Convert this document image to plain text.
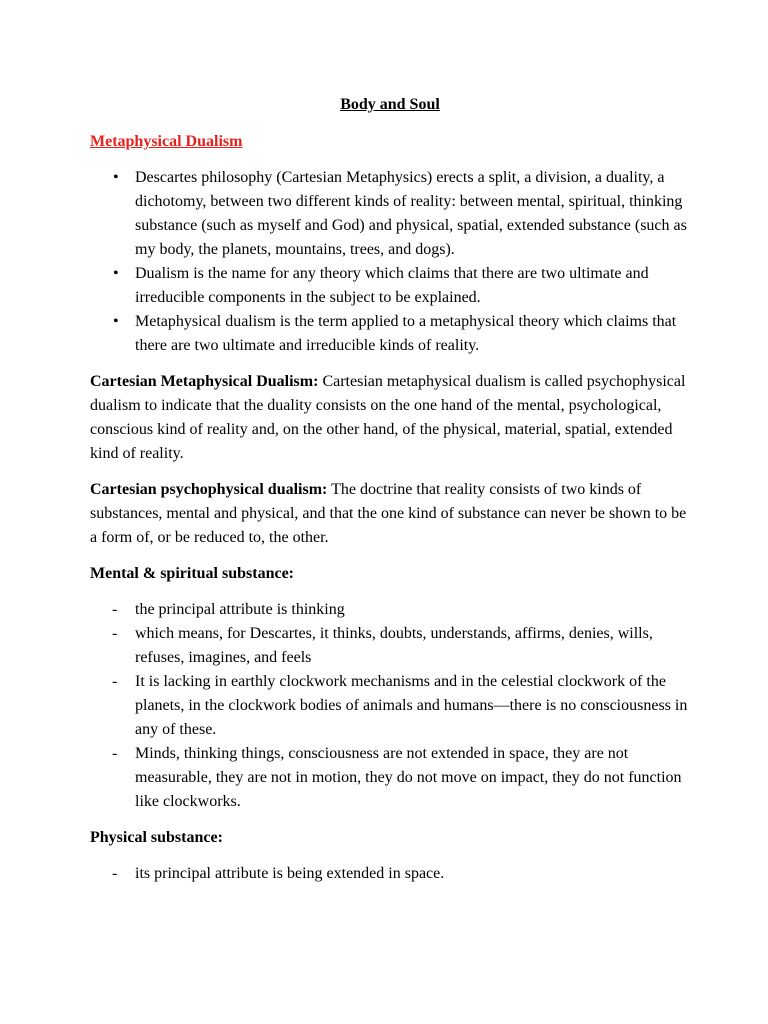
Body and Soul
Metaphysical Dualism
• Descartes philosophy (Cartesian Metaphysics) erects a split, a division, a duality, a dichotomy, between two different kinds of reality: between mental, spiritual, thinking substance (such as myself and God) and physical, spatial, extended substance (such as my body, the planets, mountains, trees, and dogs).
• Dualism is the name for any theory which claims that there are two ultimate and irreducible components in the subject to be explained.
• Metaphysical dualism is the term applied to a metaphysical theory which claims that there are two ultimate and irreducible kinds of reality.

Cartesian Metaphysical Dualism: Cartesian metaphysical dualism is called psychophysical dualism to indicate that the duality consists on the one hand of the mental, psychological, conscious kind of reality and, on the other hand, of the physical, material, spatial, extended kind of reality.

Cartesian psychophysical dualism: The doctrine that reality consists of two kinds of substances, mental and physical, and that the one kind of substance can never be shown to be a form of, or be reduced to, the other.

Mental & spiritual substance:
- the principal attribute is thinking
- which means, for Descartes, it thinks, doubts, understands, affirms, denies, wills, refuses, imagines, and feels
- It is lacking in earthly clockwork mechanisms and in the celestial clockwork of the planets, in the clockwork bodies of animals and humans—there is no consciousness in any of these.
- Minds, thinking things, consciousness are not extended in space, they are not measurable, they are not in motion, they do not move on impact, they do not function like clockworks.
Physical substance:
- its principal attribute is being extended in space.
